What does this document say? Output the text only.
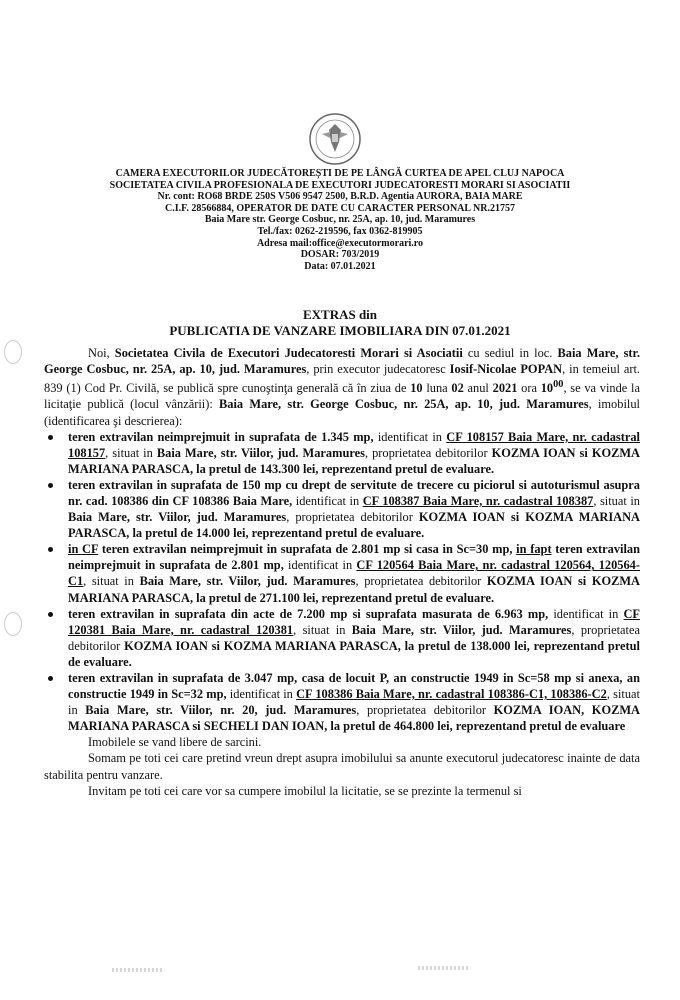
CAMERA EXECUTORILOR JUDECĂTOREȘTI DE PE LÂNGĂ CURTEA DE APEL CLUJ NAPOCA
SOCIETATEA CIVILA PROFESIONALA DE EXECUTORI JUDECATORESTI MORARI SI ASOCIATII
Nr. cont: RO68 BRDE 250S V506 9547 2500, B.R.D. Agentia AURORA, BAIA MARE
C.I.F. 28566884, OPERATOR DE DATE CU CARACTER PERSONAL NR.21757
Baia Mare str. George Cosbuc, nr. 25A, ap. 10, jud. Maramures
Tel./fax: 0262-219596, fax 0362-819905
Adresa mail:office@executormorari.ro
DOSAR: 703/2019
Data: 07.01.2021
EXTRAS din
PUBLICATIA DE VANZARE IMOBILIARA DIN 07.01.2021

Noi, Societatea Civila de Executori Judecatoresti Morari si Asociatii cu sediul in loc. Baia Mare, str. George Cosbuc, nr. 25A, ap. 10, jud. Maramures, prin executor judecatoresc Iosif-Nicolae POPAN, in temeiul art. 839 (1) Cod Pr. Civilă, se publică spre cunoştinţa generală că în ziua de 10 luna 02 anul 2021 ora $10^{00}$, se va vinde la licitaţie publică (locul vânzării): Baia Mare, str. George Cosbuc, nr. 25A, ap. 10, jud. Maramures, imobilul (identificarea şi descrierea):

teren extravilan neimprejmuit in suprafata de 1.345 mp, identificat in CF 108157 Baia Mare, nr. cadastral 108157, situat in Baia Mare, str. Viilor, jud. Maramures, proprietatea debitorilor KOZMA IOAN si KOZMA MARIANA PARASCA, la pretul de 143.300 lei, reprezentand pretul de evaluare.
teren extravilan in suprafata de 150 mp cu drept de servitute de trecere cu piciorul si autoturismul asupra nr. cad. 108386 din CF 108386 Baia Mare, identificat in CF 108387 Baia Mare, nr. cadastral 108387, situat in Baia Mare, str. Viilor, jud. Maramures, proprietatea debitorilor KOZMA IOAN si KOZMA MARIANA PARASCA, la pretul de 14.000 lei, reprezentand pretul de evaluare.
in CF teren extravilan neimprejmuit in suprafata de 2.801 mp si casa in Sc=30 mp, in fapt teren extravilan neimprejmuit in suprafata de 2.801 mp, identificat in CF 120564 Baia Mare, nr. cadastral 120564, 120564-C1, situat in Baia Mare, str. Viilor, jud. Maramures, proprietatea debitorilor KOZMA IOAN si KOZMA MARIANA PARASCA, la pretul de 271.100 lei, reprezentand pretul de evaluare.
teren extravilan in suprafata din acte de 7.200 mp si suprafata masurata de 6.963 mp, identificat in CF 120381 Baia Mare, nr. cadastral 120381, situat in Baia Mare, str. Viilor, jud. Maramures, proprietatea debitorilor KOZMA IOAN si KOZMA MARIANA PARASCA, la pretul de 138.000 lei, reprezentand pretul de evaluare.
teren extravilan in suprafata de 3.047 mp, casa de locuit P, an constructie 1949 in Sc=58 mp si anexa, an constructie 1949 in Sc=32 mp, identificat in CF 108386 Baia Mare, nr. cadastral 108386-C1, 108386-C2, situat in Baia Mare, str. Viilor, nr. 20, jud. Maramures, proprietatea debitorilor KOZMA IOAN, KOZMA MARIANA PARASCA si SECHELI DAN IOAN, la pretul de 464.800 lei, reprezentand pretul de evaluare

Imobilele se vand libere de sarcini.

Somam pe toti cei care pretind vreun drept asupra imobilului sa anunte executorul judecatoresc inainte de data stabilita pentru vanzare.

Invitam pe toti cei care vor sa cumpere imobilul la licitatie, se se prezinte la termenul si
